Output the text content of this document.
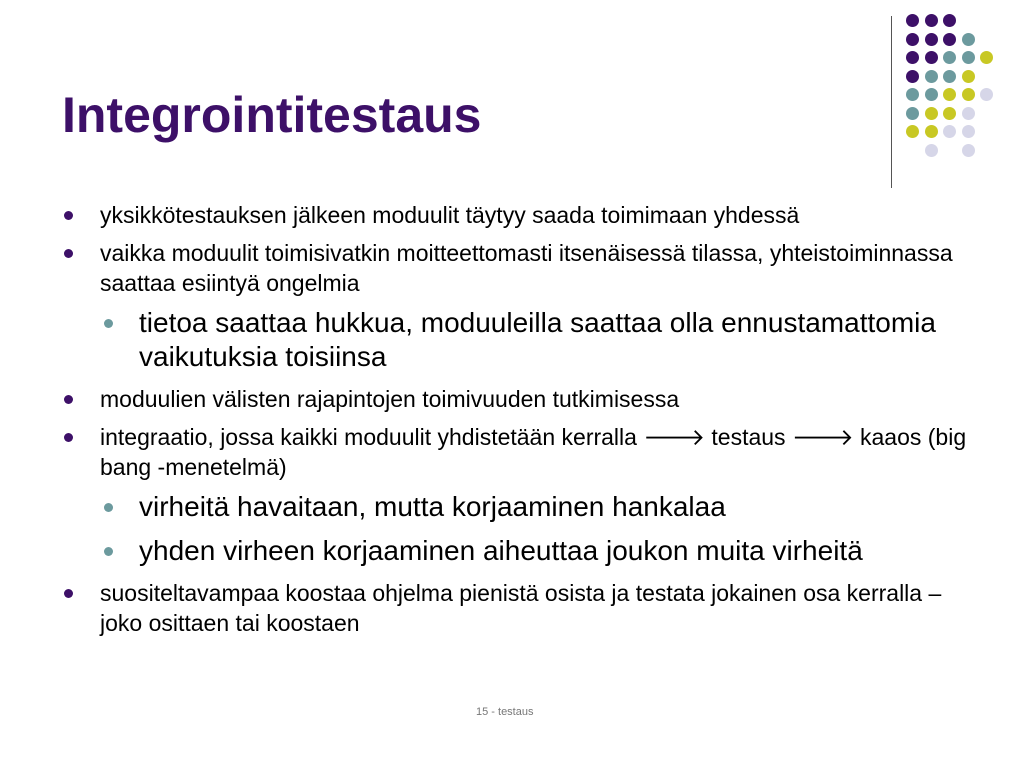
Integrointitestaus
yksikkötestauksen jälkeen moduulit täytyy saada toimimaan yhdessä
vaikka moduulit toimisivatkin moitteettomasti itsenäisessä tilassa, yhteistoiminnassa saattaa esiintyä ongelmia
tietoa saattaa hukkua, moduuleilla saattaa olla ennustamattomia vaikutuksia toisiinsa
moduulien välisten rajapintojen toimivuuden tutkimisessa
integraatio, jossa kaikki moduulit yhdistetään kerralla 🡒 testaus 🡒 kaaos (big bang -menetelmä)
virheitä havaitaan, mutta korjaaminen hankalaa
yhden virheen korjaaminen aiheuttaa joukon muita virheitä
suositeltavampaa koostaa ohjelma pienistä osista ja testata jokainen osa kerralla – joko osittaen tai koostaen
15 - testaus
